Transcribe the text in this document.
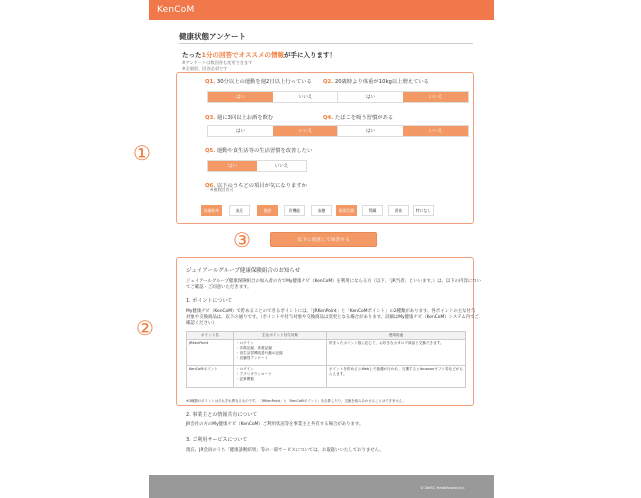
KenCoM
健康状態アンケート
たった1分の回答でオススメの情報が手に入ります！
※アンケートは数回答も変更できます
※全個別、回答必須です
①
Q1. 30分以上の運動を週2日以上行っている
はい	いいえ
Q2. 20歳時より体重が10kg以上増えている
はい	いいえ
Q3. 週に3回以上お酒を飲む
はい	いいえ
Q4. たばこを吸う習慣がある
はい	いいえ
Q5. 運動や食生活等の生活習慣を改善したい
はい	いいえ
Q6. 以下のうちどの項目が気になりますか
※複数回答可
体脂肪率	血圧	腹囲	肝機能	血糖	脂質代謝	腎臓	貧血	特になし
③	以下に同意して回答する
②
ジェイアールグループ健康保険組合のお知らせ
ジェイアールグループ健康保険組合の加入者の方でMy健康ナビ（KenCoM）を利用にならる方（以下、「JR当者」といいます。）は、以下の内容につい
てご確認・ご同意いただきます。
1. ポイントについて
My健康ナビ（KenCoM）で貯めることのできるポイントには、「JRKenPoint」と「KenCoMポイント」の2種類があります。各ポイントの主な付与
対象や交換商品は、以下の通りです。（ポイントや付与対象や交換商品は変更となる場合があります。詳細はMy健康ナビ（KenCoM）システム内でご
確認ください）
ポイント名	主なポイント付与対象	使用用途
JRKenPoint	・ログイン
・歩数記録、体重記録
・食生活習慣改善行動の記録
・店舗別アンケート	貯まったポイント数に応じて、お好きなカタログ商品と交換できます。
KenCoMポイント	・ログイン
・アプリダウンロード
・記事閲覧	ポイントを貯めるとWeb上で抽選が行われ、当選するとAmazonギフト券などがもらえます。
※2種類のポイントはそれぞれ異なるものです。「JRKenPoint」と「KenCoMポイント」を合算したり、交換を組み合わせることはできません。
2. 事業主との情報共有について
JR会社の方のMy健康ナビ（KenCoM）ご利用状況等を事業主と共有する場合があります。
3. ご利用サービスについて
現在、JR会員のうち「健康診断結果」等の一部サービスについては、お取扱いいたしておりません。
© DeSC Healthcare,Inc.
